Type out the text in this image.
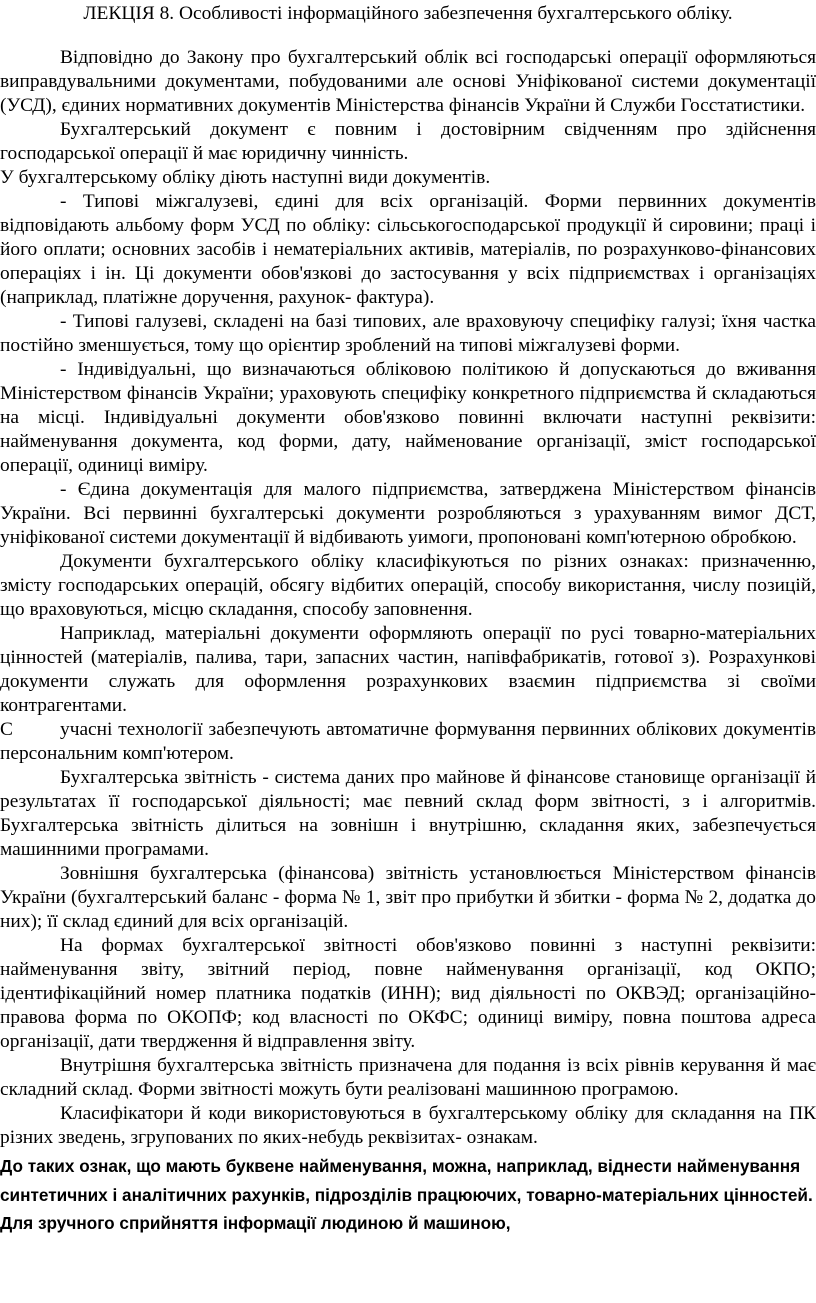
ЛЕКЦІЯ 8. Особливості інформаційного забезпечення бухгалтерського обліку.

Відповідно до Закону про бухгалтерський облік всі господарські операції оформляються виправдувальними документами, побудованими але основі Уніфікованої системи документації (УСД), єдиних нормативних документів Міністерства фінансів України й Служби Госстатистики.

Бухгалтерський документ є повним і достовірним свідченням про здійснення господарської операції й має юридичну чинність.

У бухгалтерському обліку діють наступні види документів.

- Типові міжгалузеві, єдині для всіх організацій. Форми первинних документів відповідають альбому форм УСД по обліку: сільськогосподарської продукції й сировини; праці і його оплати; основних засобів і нематеріальних активів, матеріалів, по розрахунково-фінансових операціях і ін. Ці документи обов'язкові до застосування у всіх підприємствах і організаціях (наприклад, платіжне доручення, рахунок- фактура).

- Типові галузеві, складені на базі типових, але враховуючу специфіку галузі; їхня частка постійно зменшується, тому що орієнтир зроблений на типові міжгалузеві форми.

- Індивідуальні, що визначаються обліковою політикою й допускаються до вживання Міністерством фінансів України; ураховують специфіку конкретного підприємства й складаються на місці. Індивідуальні документи обов'язково повинні включати наступні реквізити: найменування документа, код форми, дату, найменование організації, зміст господарської операції, одиниці виміру.

- Єдина документація для малого підприємства, затверджена Міністерством фінансів України. Всі первинні бухгалтерські документи розробляються з урахуванням вимог ДСТ, уніфікованої системи документації й відбивають уимоги, пропоновані комп'ютерною обробкою.

Документи бухгалтерського обліку класифікуються по різних ознаках: призначенню, змісту господарських операцій, обсягу відбитих операцій, способу використання, числу позицій, що враховуються, місцю складання, способу заповнення.

Наприклад, матеріальні документи оформляють операції по русі товарно-матеріальних цінностей (матеріалів, палива, тари, запасних частин, напівфабрикатів, готової з). Розрахункові документи служать для оформлення розрахункових взаємин підприємства зі своїми контрагентами.

С учасні технології забезпечують автоматичне формування первинних облікових документів персональним комп'ютером.

Бухгалтерська звітність - система даних про майнове й фінансове становище організації й результатах її господарської діяльності; має певний склад форм звітності, з і алгоритмів. Бухгалтерська звітність ділиться на зовнішн і внутрішню, складання яких, забезпечується машинними програмами.

Зовнішня бухгалтерська (фінансова) звітність установлюється Міністерством фінансів України (бухгалтерський баланс - форма № 1, звіт про прибутки й збитки - форма № 2, додатка до них); її склад єдиний для всіх організацій.

На формах бухгалтерської звітності обов'язково повинні з наступні реквізити: найменування звіту, звітний період, повне найменування організації, код ОКПО; ідентифікаційний номер платника податків (ИНН); вид діяльності по ОКВЭД; організаційно-правова форма по ОКОПФ; код власності по ОКФС; одиниці виміру, повна поштова адреса організації, дати твердження й відправлення звіту.

Внутрішня бухгалтерська звітність призначена для подання із всіх рівнів керування й має складний склад. Форми звітності можуть бути реалізовані машинною програмою.

Класифікатори й коди використовуються в бухгалтерському обліку для складання на ПК різних зведень, згрупованих по яких-небудь реквізитах- ознакам.

До таких ознак, що мають буквене найменування, можна, наприклад, віднести найменування синтетичних і аналітичних рахунків, підрозділів працюючих, товарно-матеріальних цінностей. Для зручного сприйняття інформації людиною й машиною,
